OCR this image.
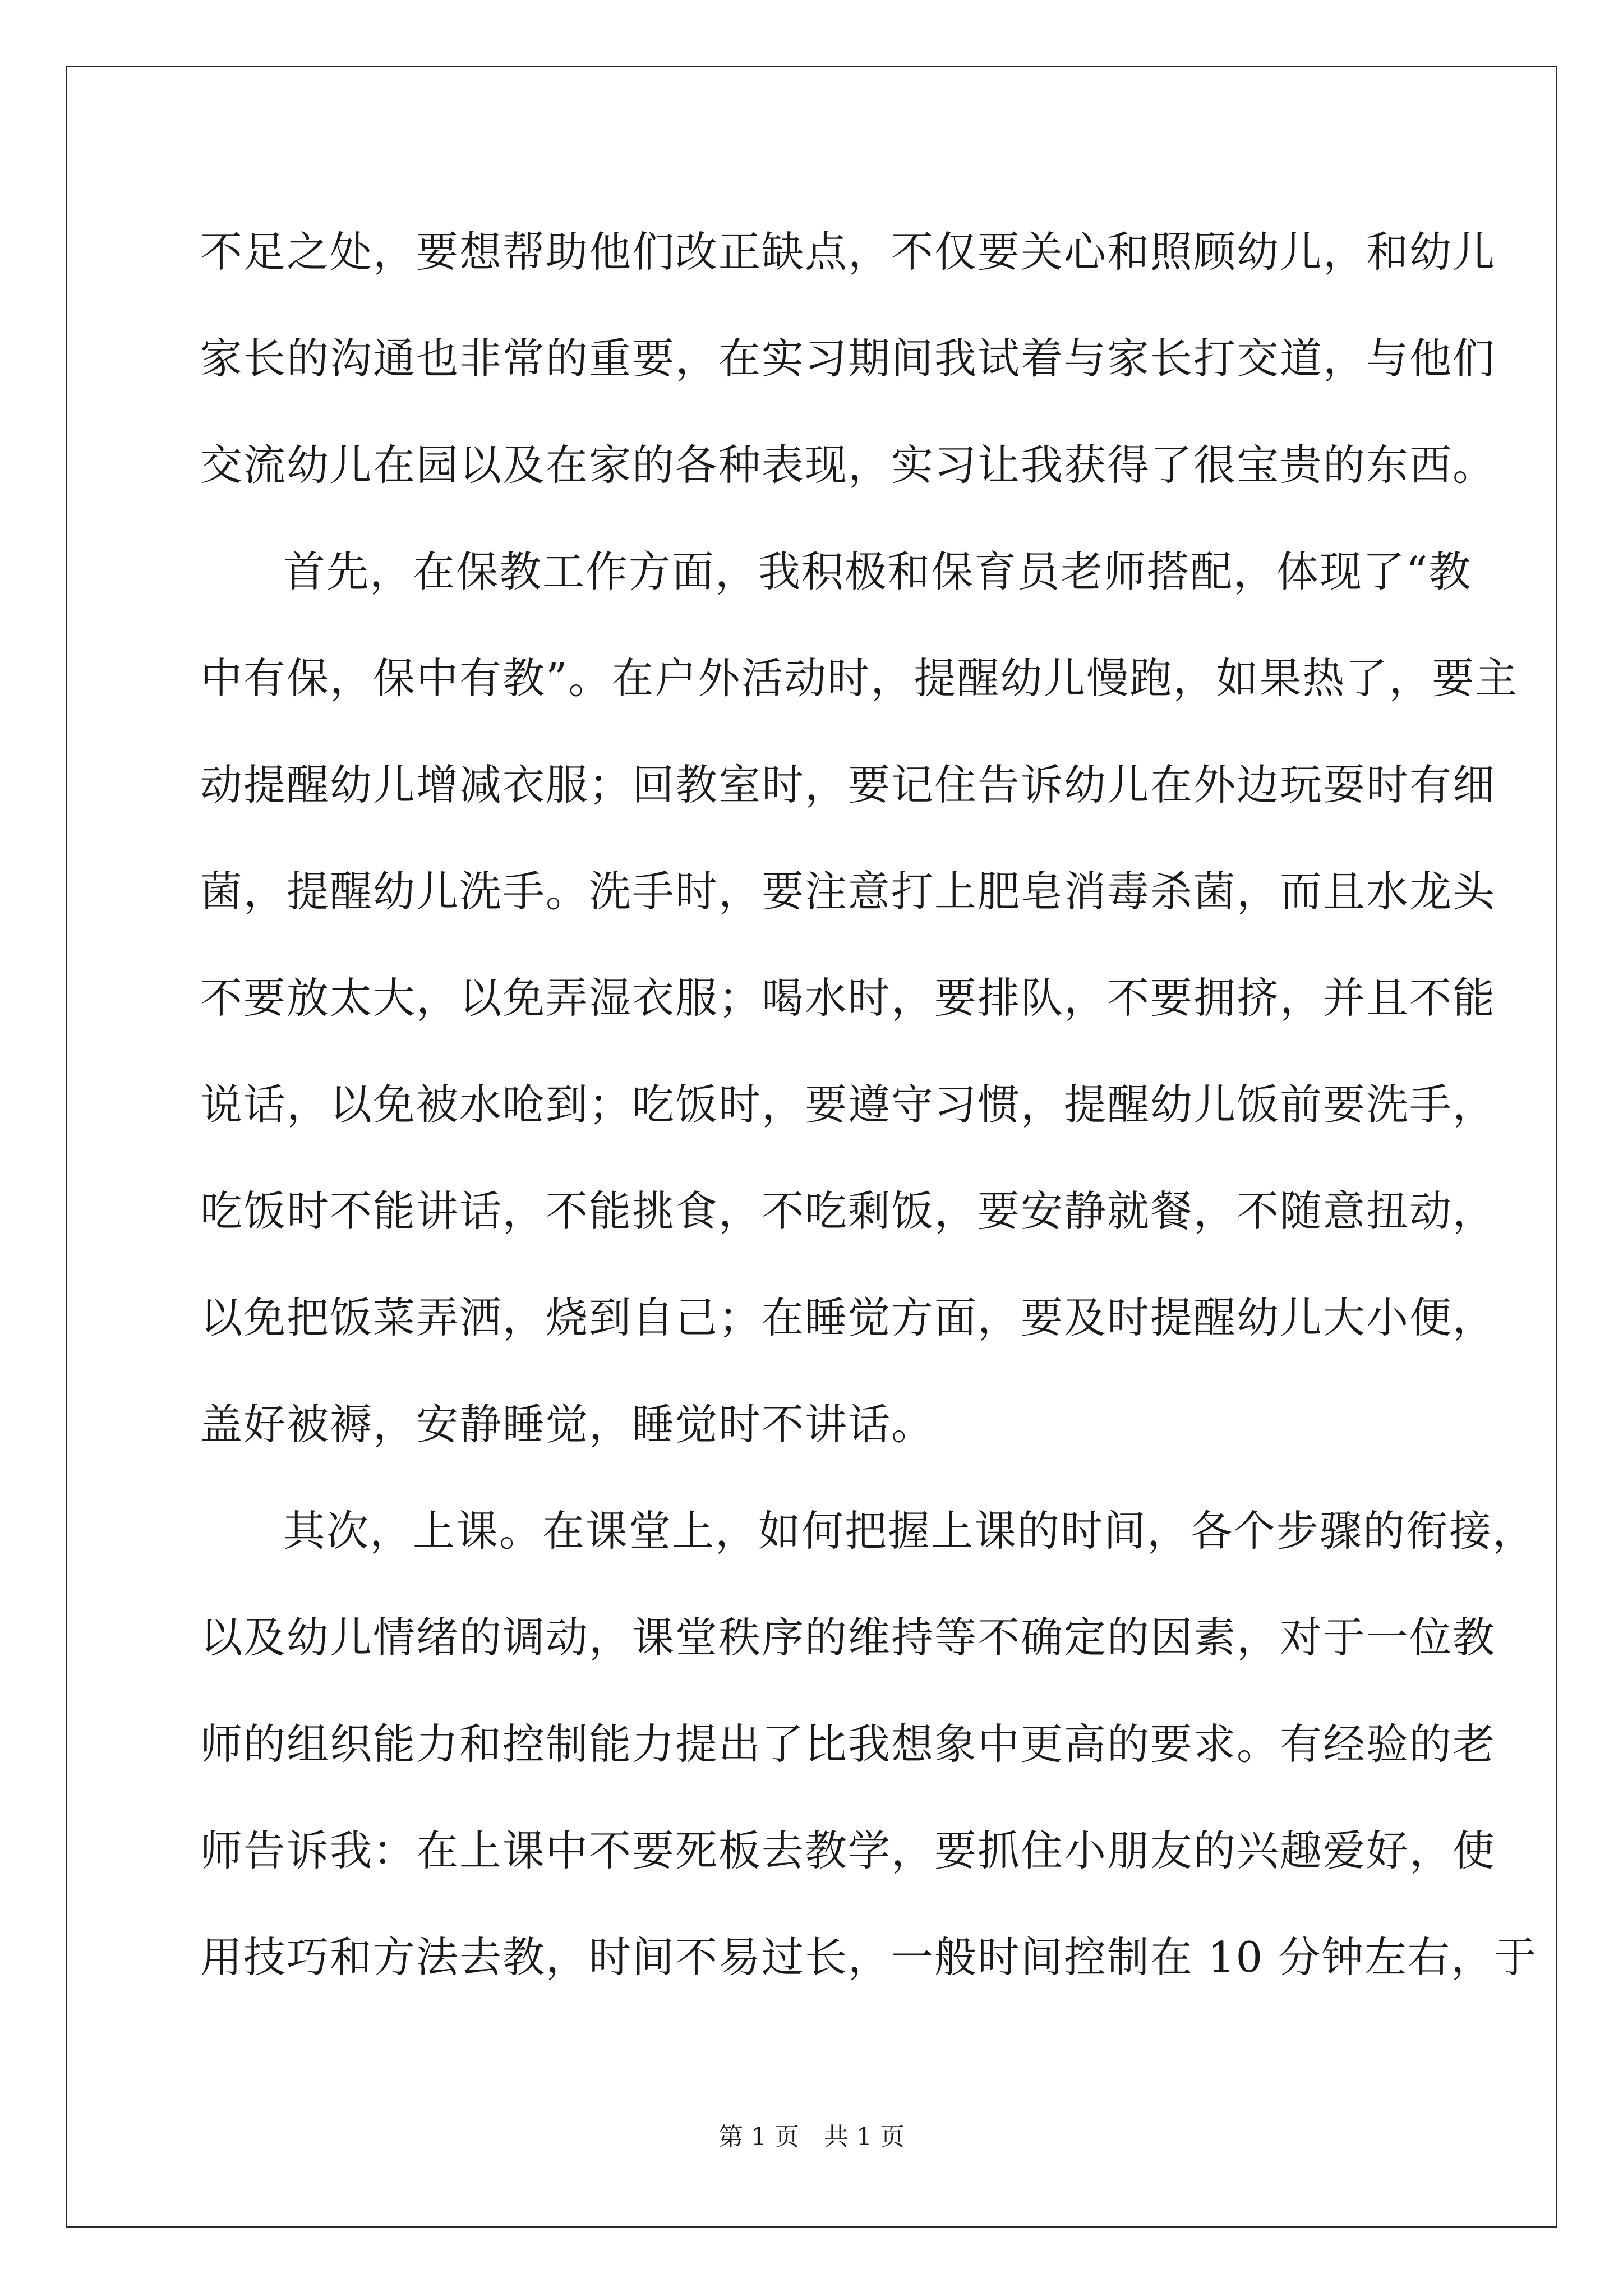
不足之处，要想帮助他们改正缺点，不仅要关心和照顾幼儿，和幼儿
家长的沟通也非常的重要，在实习期间我试着与家长打交道，与他们
交流幼儿在园以及在家的各种表现，实习让我获得了很宝贵的东西。
首先，在保教工作方面，我积极和保育员老师搭配，体现了“教
中有保，保中有教”。在户外活动时，提醒幼儿慢跑，如果热了，要主
动提醒幼儿增减衣服；回教室时，要记住告诉幼儿在外边玩耍时有细
菌，提醒幼儿洗手。洗手时，要注意打上肥皂消毒杀菌，而且水龙头
不要放太大，以免弄湿衣服；喝水时，要排队，不要拥挤，并且不能
说话，以免被水呛到；吃饭时，要遵守习惯，提醒幼儿饭前要洗手，
吃饭时不能讲话，不能挑食，不吃剩饭，要安静就餐，不随意扭动，
以免把饭菜弄洒，烧到自己；在睡觉方面，要及时提醒幼儿大小便，
盖好被褥，安静睡觉，睡觉时不讲话。
其次，上课。在课堂上，如何把握上课的时间，各个步骤的衔接，
以及幼儿情绪的调动，课堂秩序的维持等不确定的因素，对于一位教
师的组织能力和控制能力提出了比我想象中更高的要求。有经验的老
师告诉我：在上课中不要死板去教学，要抓住小朋友的兴趣爱好，使
用技巧和方法去教，时间不易过长，一般时间控制在 10 分钟左右，于
第 1 页 共 1 页
